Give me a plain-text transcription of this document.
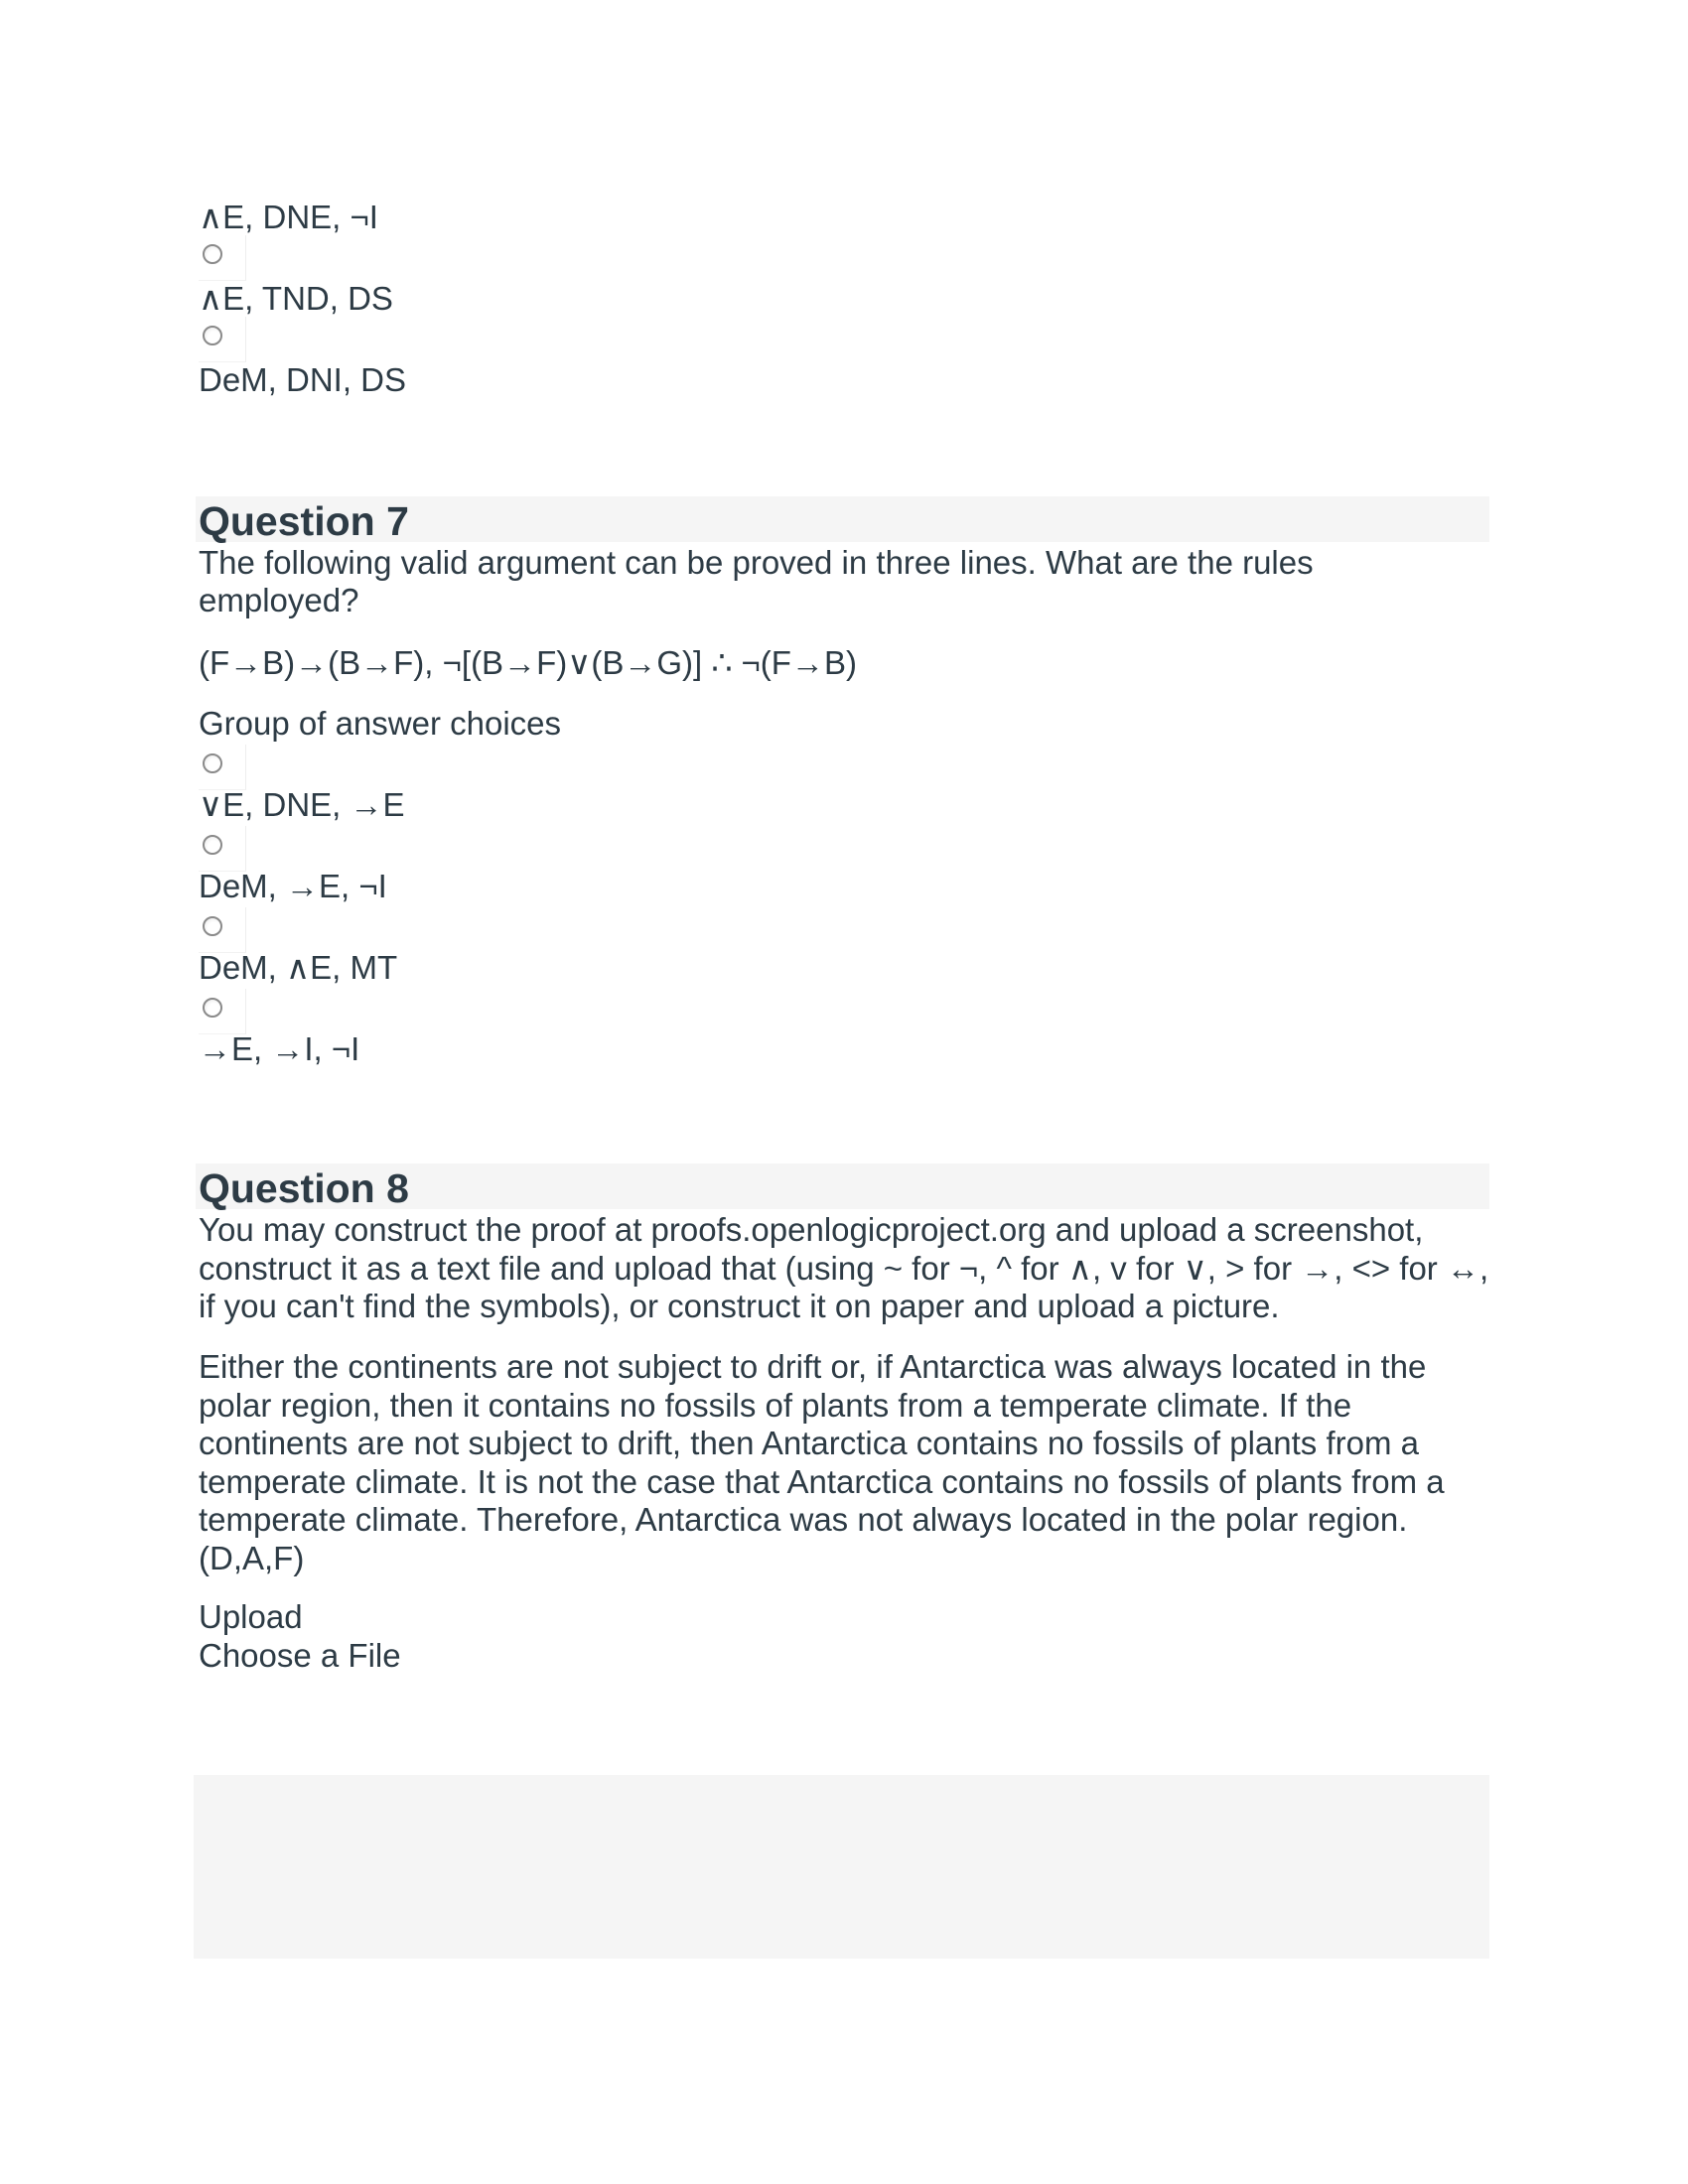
∧E, DNE, ¬I
∧E, TND, DS
DeM, DNI, DS
Question 7
The following valid argument can be proved in three lines. What are the rules
employed?
(F→B)→(B→F), ¬[(B→F)∨(B→G)] ∴ ¬(F→B)
Group of answer choices
∨E, DNE, →E
DeM, →E, ¬I
DeM, ∧E, MT
→E, →I, ¬I
Question 8
You may construct the proof at proofs.openlogicproject.org and upload a screenshot, construct it as a text file and upload that (using ~ for ¬, ^ for ∧, v for ∨, > for →, <> for ↔, if you can't find the symbols), or construct it on paper and upload a picture.
Either the continents are not subject to drift or, if Antarctica was always located in the polar region, then it contains no fossils of plants from a temperate climate. If the continents are not subject to drift, then Antarctica contains no fossils of plants from a temperate climate. It is not the case that Antarctica contains no fossils of plants from a temperate climate. Therefore, Antarctica was not always located in the polar region. (D,A,F)
Upload
Choose a File
